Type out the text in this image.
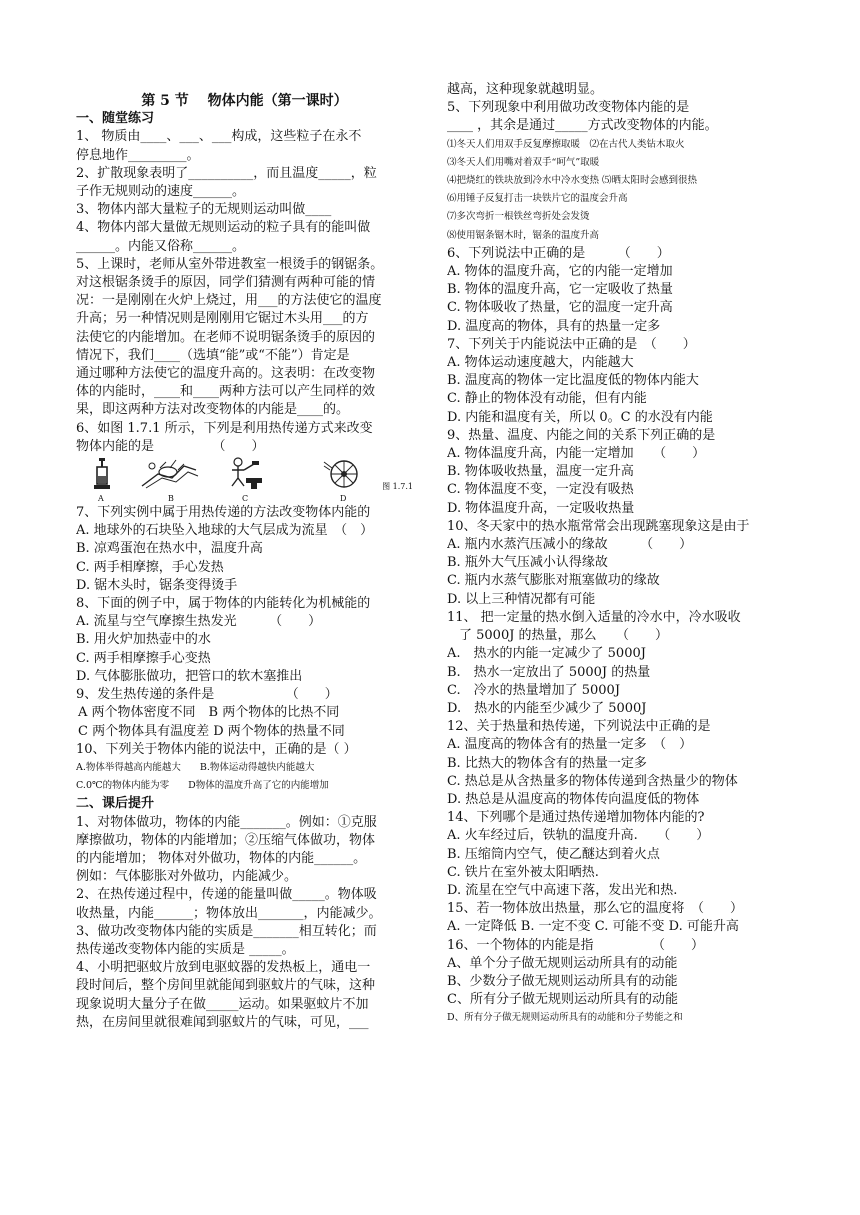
第 5 节　 物体内能（第一课时）
一、随堂练习
1、 物质由____、___、___构成，这些粒子在永不
停息地作_________。
2、扩散现象表明了__________，而且温度_____，粒
子作无规则动的速度______。
3、物体内部大量粒子的无规则运动叫做____
4、物体内部大量做无规则运动的粒子具有的能叫做
______。内能又俗称______。
5、上课时，老师从室外带进教室一根烫手的钢锯条。
对这根锯条烫手的原因，同学们猜测有两种可能的情
况：一是刚刚在火炉上烧过，用___的方法使它的温度
升高；另一种情况则是刚刚用它锯过木头用___的方
法使它的内能增加。在老师不说明锯条烫手的原因的
情况下，我们____（选填“能”或“不能”）肯定是
通过哪种方法使它的温度升高的。这表明：在改变物
体的内能时，____和____两种方法可以产生同样的效
果，即这两种方法对改变物体的内能是____的。
6、如图 1.7.1 所示，下列是利用热传递方式来改变
物体内能的是　　　　　（　　）
A	B	C	D
图 1.7.1
7、下列实例中属于用热传递的方法改变物体内能的
A. 地球外的石块坠入地球的大气层成为流星　（　）
B. 凉鸡蛋泡在热水中，温度升高
C. 两手相摩擦，手心发热
D. 锯木头时，锯条变得烫手
8、下面的例子中，属于物体的内能转化为机械能的
A. 流星与空气摩擦生热发光　　　（　　）
B. 用火炉加热壶中的水
C. 两手相摩擦手心变热
D. 气体膨胀做功，把管口的软木塞推出
9、发生热传递的条件是　　　　　　（　　）
A 两个物体密度不同　B 两个物体的比热不同
C 两个物体具有温度差 D 两个物体的热量不同
10、下列关于物体内能的说法中，正确的是（ ）
A.物体举得越高内能越大　　B.物体运动得越快内能越大
C.0℃的物体内能为零　　D物体的温度升高了它的内能增加
二、课后提升
1、对物体做功，物体的内能_______。例如：①克服
摩擦做功，物体的内能增加；②压缩气体做功，物体
的内能增加； 物体对外做功，物体的内能______。
例如：气体膨胀对外做功，内能减少。
2、在热传递过程中，传递的能量叫做_____。物体吸
收热量，内能______；物体放出_______，内能减少。
3、做功改变物体内能的实质是_______相互转化；而
热传递改变物体内能的实质是 _____。
4、小明把驱蚊片放到电驱蚊器的发热板上，通电一
段时间后，整个房间里就能闻到驱蚊片的气味，这种
现象说明大量分子在做_____运动。如果驱蚊片不加
热，在房间里就很难闻到驱蚊片的气味，可见，___
越高，这种现象就越明显。
5、下列现象中利用做功改变物体内能的是
____ ，其余是通过_____方式改变物体的内能。
⑴冬天人们用双手反复摩擦取暖　⑵在古代人类钻木取火
⑶冬天人们用嘴对着双手“呵气”取暖
⑷把烧红的铁块放到冷水中冷水变热 ⑸晒太阳时会感到很热
⑹用锤子反复打击一块铁片它的温度会升高
⑺多次弯折一根铁丝弯折处会发烫
⑻使用锯条锯木时，锯条的温度升高
6、下列说法中正确的是　　　（　　）
A. 物体的温度升高，它的内能一定增加
B. 物体的温度升高，它一定吸收了热量
C. 物体吸收了热量，它的温度一定升高
D. 温度高的物体，具有的热量一定多
7、下列关于内能说法中正确的是　（　　）
A. 物体运动速度越大，内能越大
B. 温度高的物体一定比温度低的物体内能大
C. 静止的物体没有动能，但有内能
D. 内能和温度有关，所以 0。C 的水没有内能
9、热量、温度、内能之间的关系下列正确的是
A. 物体温度升高，内能一定增加　　（　　）
B. 物体吸收热量，温度一定升高
C. 物体温度不变，一定没有吸热
D. 物体温度升高，一定吸收热量
10、冬天家中的热水瓶常常会出现跳塞现象这是由于
A. 瓶内水蒸汽压减小的缘故　　　（　　）
B. 瓶外大气压减小认得缘故
C. 瓶内水蒸气膨胀对瓶塞做功的缘故
D. 以上三种情况都有可能
11、 把一定量的热水倒入适量的冷水中，冷水吸收
了 5000J 的热量，那么　　（　　）
A.　热水的内能一定减少了 5000J
B.　热水一定放出了 5000J 的热量
C.　冷水的热量增加了 5000J
D.　热水的内能至少减少了 5000J
12、关于热量和热传递，下列说法中正确的是
A. 温度高的物体含有的热量一定多　（　）
B. 比热大的物体含有的热量一定多
C. 热总是从含热量多的物体传递到含热量少的物体
D. 热总是从温度高的物体传向温度低的物体
14、下列哪个是通过热传递增加物体内能的?
A. 火车经过后，铁轨的温度升高.　　（　　）
B. 压缩筒内空气，使乙醚达到着火点
C. 铁片在室外被太阳晒热.
D. 流星在空气中高速下落，发出光和热.
15、若一物体放出热量，那么它的温度将　（　　）
A. 一定降低 B. 一定不变 C. 可能不变 D. 可能升高
16、一个物体的内能是指　　　　　（　　）
A、单个分子做无规则运动所具有的动能
B、少数分子做无规则运动所具有的动能
C、所有分子做无规则运动所具有的动能
D、所有分子做无规则运动所具有的动能和分子势能之和
